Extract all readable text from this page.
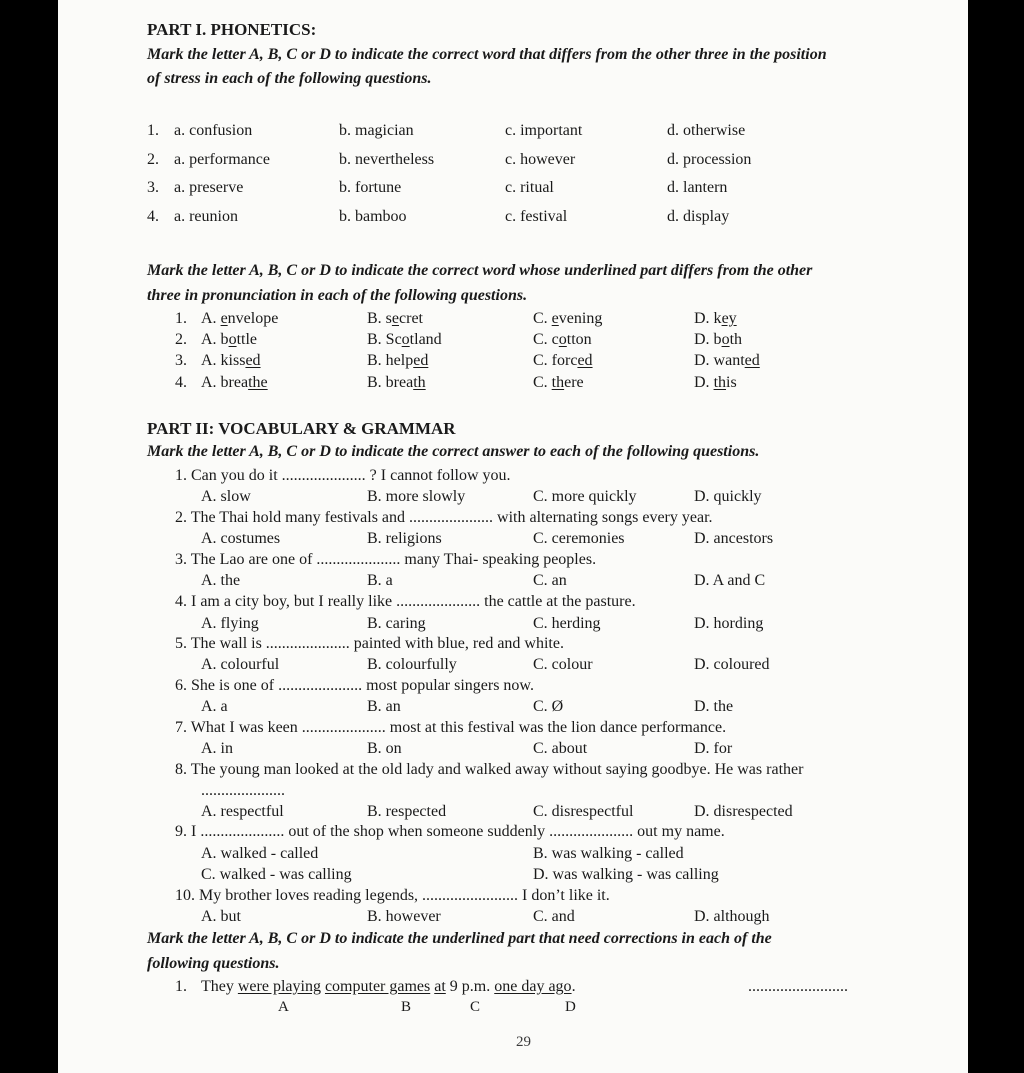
PART I. PHONETICS:
Mark the letter A, B, C or D to indicate the correct word that differs from the other three in the position
of stress in each of the following questions.
1. a. confusion	b. magician	c. important	d. otherwise
2. a. performance	b. nevertheless	c. however	d. procession
3. a. preserve	b. fortune	c. ritual	d. lantern
4. a. reunion	b. bamboo	c. festival	d. display
Mark the letter A, B, C or D to indicate the correct word whose underlined part differs from the other
three in pronunciation in each of the following questions.
1. A. envelope	B. secret	C. evening	D. key
2. A. bottle	B. Scotland	C. cotton	D. both
3. A. kissed	B. helped	C. forced	D. wanted
4. A. breathe	B. breath	C. there	D. this
PART II: VOCABULARY & GRAMMAR
Mark the letter A, B, C or D to indicate the correct answer to each of the following questions.
1. Can you do it ..................... ? I cannot follow you.
A. slow	B. more slowly	C. more quickly	D. quickly
2. The Thai hold many festivals and ..................... with alternating songs every year.
A. costumes	B. religions	C. ceremonies	D. ancestors
3. The Lao are one of ..................... many Thai- speaking peoples.
A. the	B. a	C. an	D. A and C
4. I am a city boy, but I really like ..................... the cattle at the pasture.
A. flying	B. caring	C. herding	D. hording
5. The wall is ..................... painted with blue, red and white.
A. colourful	B. colourfully	C. colour	D. coloured
6. She is one of ..................... most popular singers now.
A. a	B. an	C. Ø	D. the
7. What I was keen ..................... most at this festival was the lion dance performance.
A. in	B. on	C. about	D. for
8. The young man looked at the old lady and walked away without saying goodbye. He was rather
.....................
A. respectful	B. respected	C. disrespectful	D. disrespected
9. I ..................... out of the shop when someone suddenly ..................... out my name.
A. walked - called	B. was walking - called
C. walked - was calling	D. was walking - was calling
10. My brother loves reading legends, ........................ I don’t like it.
A. but	B. however	C. and	D. although
Mark the letter A, B, C or D to indicate the underlined part that need corrections in each of the
following questions.
1. They were playing computer games at 9 p.m. one day ago.	.........................
A	B	C	D
29
